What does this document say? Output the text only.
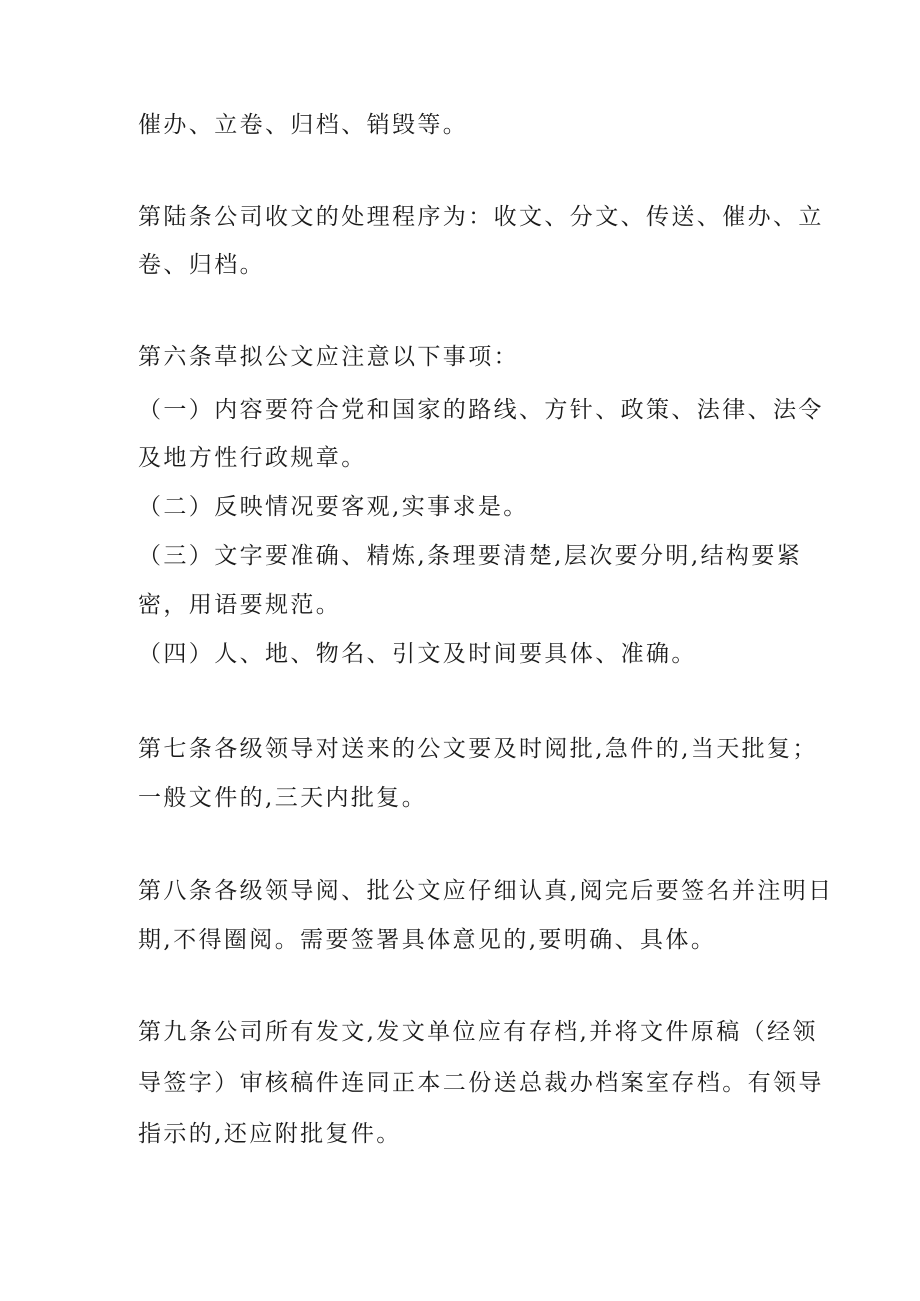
催办、立卷、归档、销毁等。
第陆条公司收文的处理程序为：收文、分文、传送、催办、立
卷、归档。
第六条草拟公文应注意以下事项：
（一）内容要符合党和国家的路线、方针、政策、法律、法令
及地方性行政规章。
（二）反映情况要客观,实事求是。
（三）文字要准确、精炼,条理要清楚,层次要分明,结构要紧
密，用语要规范。
（四）人、地、物名、引文及时间要具体、准确。
第七条各级领导对送来的公文要及时阅批,急件的,当天批复；
一般文件的,三天内批复。
第八条各级领导阅、批公文应仔细认真,阅完后要签名并注明日
期,不得圈阅。需要签署具体意见的,要明确、具体。
第九条公司所有发文,发文单位应有存档,并将文件原稿（经领
导签字）审核稿件连同正本二份送总裁办档案室存档。有领导
指示的,还应附批复件。
